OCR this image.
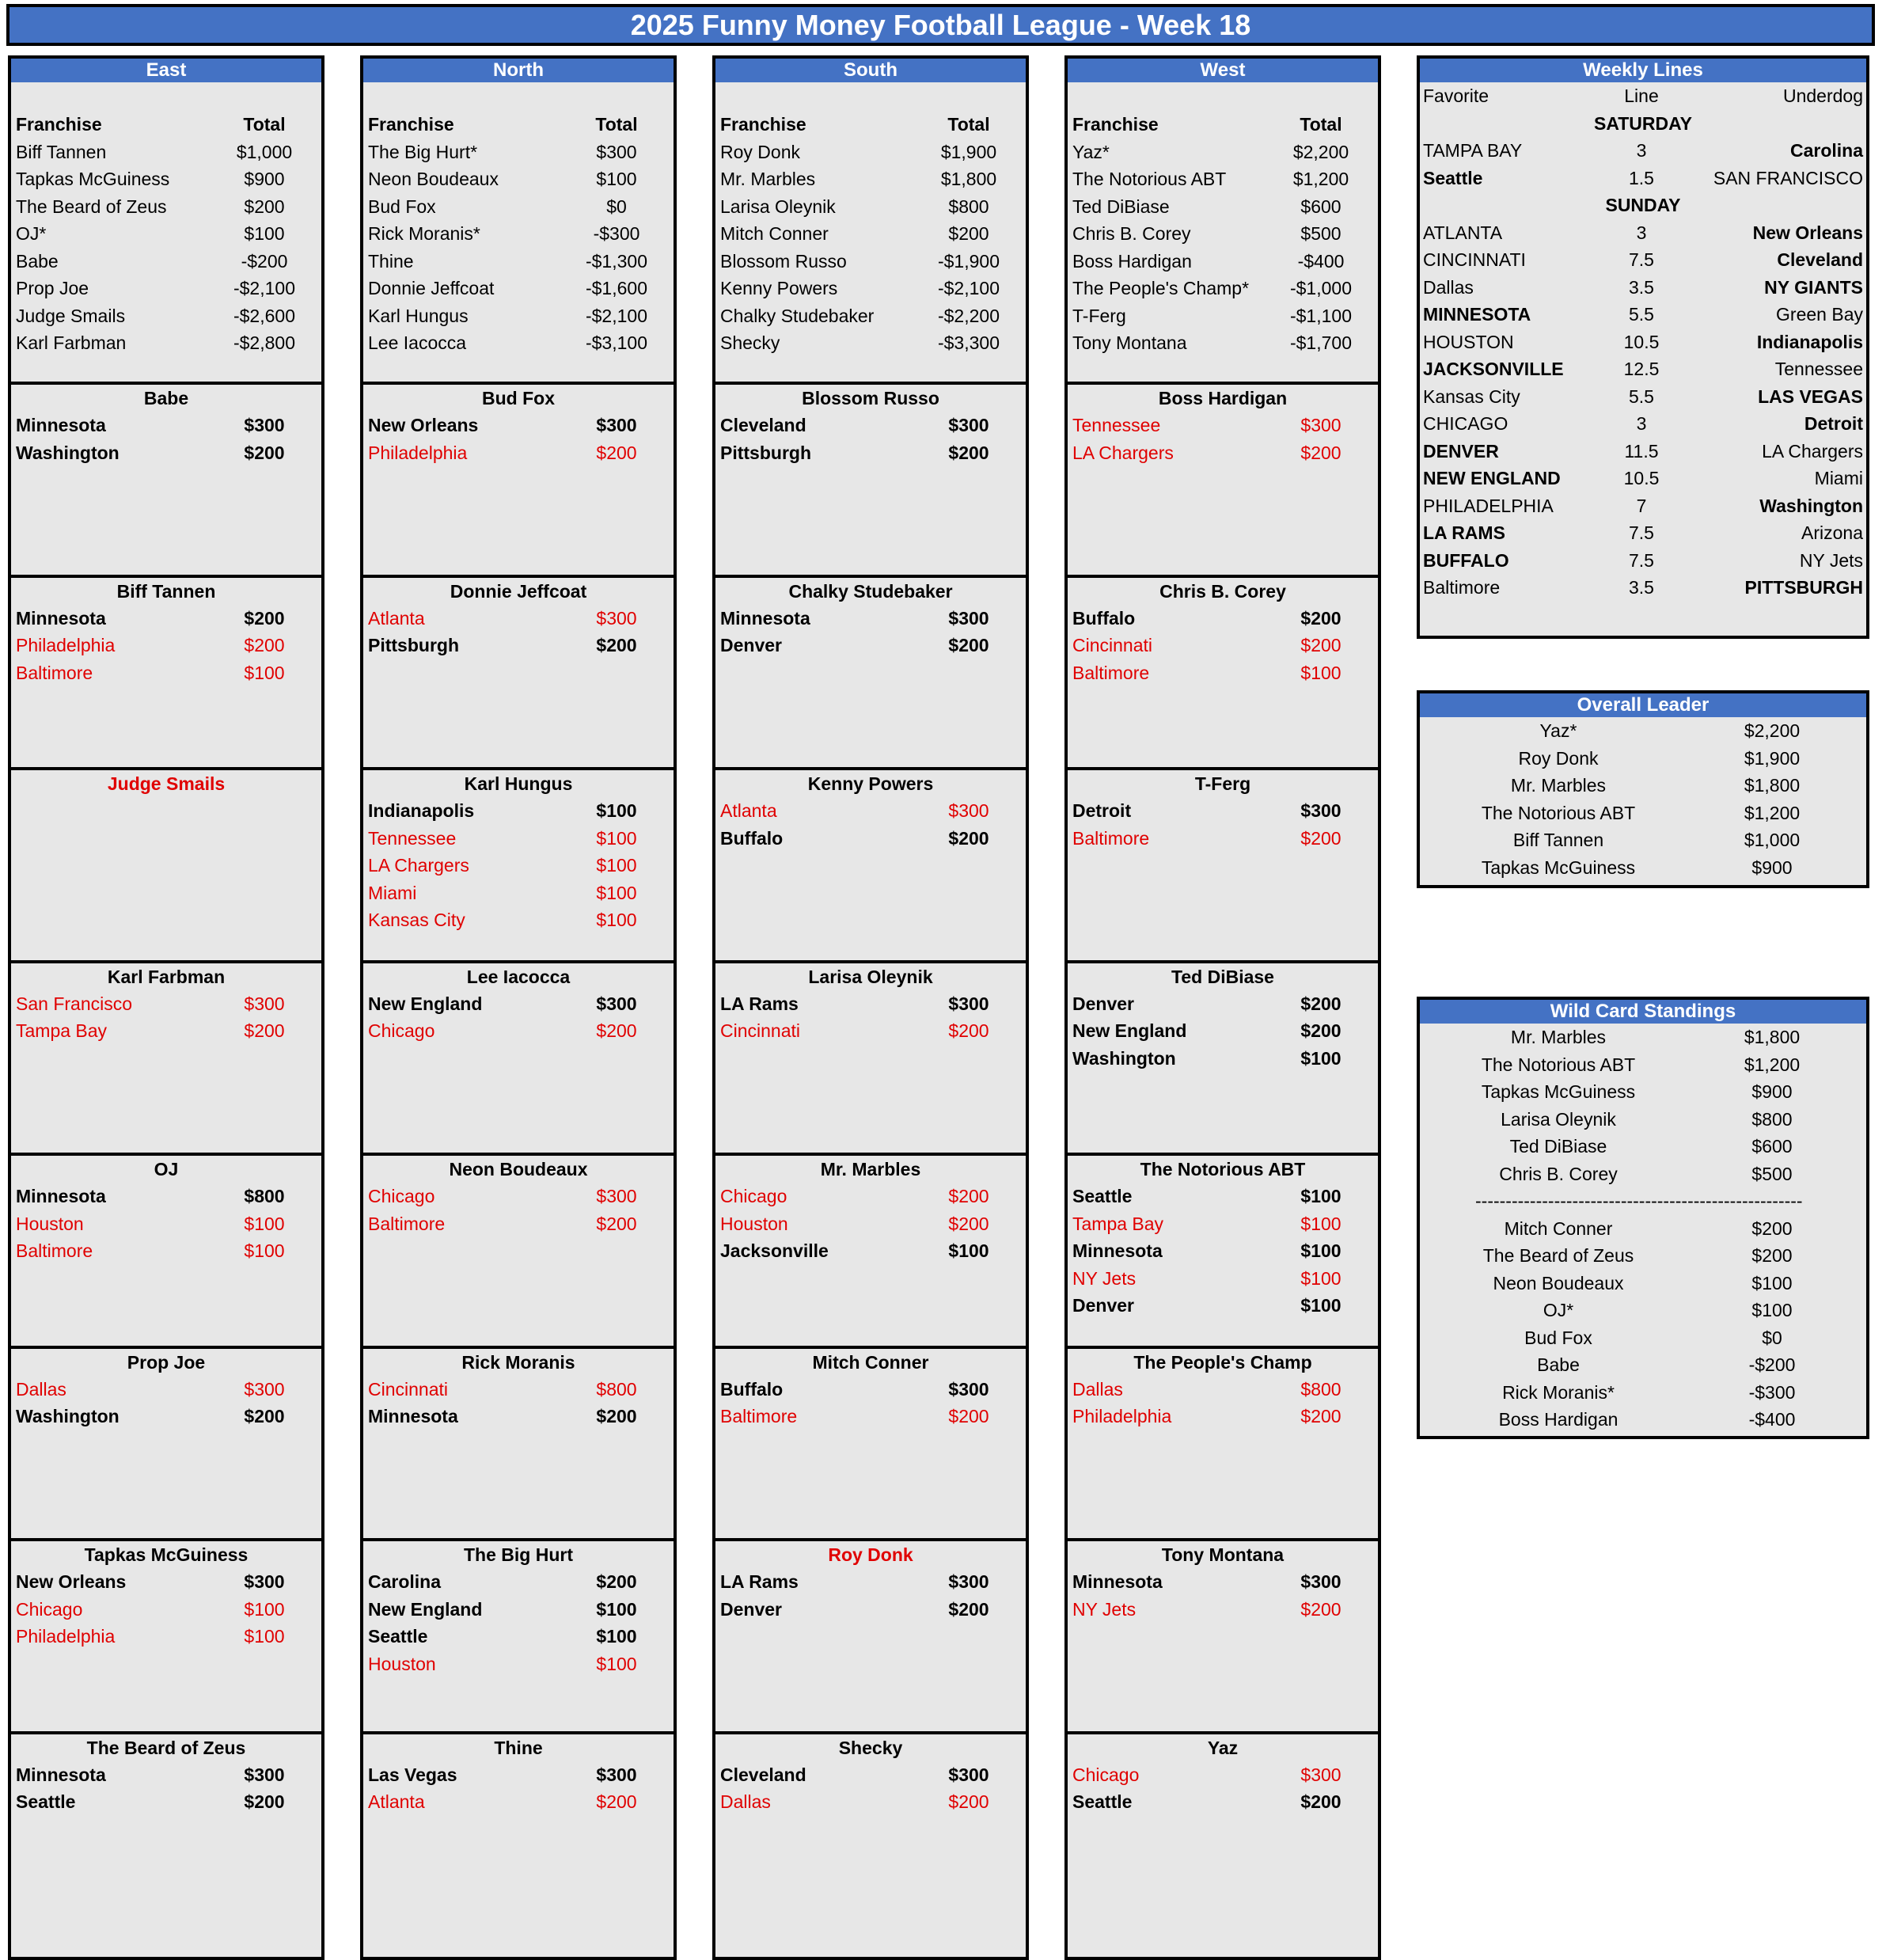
2025 Funny Money Football League - Week 18
East
Franchise	Total
Biff Tannen	$1,000
Tapkas McGuiness	$900
The Beard of Zeus	$200
OJ*	$100
Babe	-$200
Prop Joe	-$2,100
Judge Smails	-$2,600
Karl Farbman	-$2,800
Babe
Minnesota	$300
Washington	$200
Biff Tannen
Minnesota	$200
Philadelphia	$200
Baltimore	$100
Judge Smails
Karl Farbman
San Francisco	$300
Tampa Bay	$200
OJ
Minnesota	$800
Houston	$100
Baltimore	$100
Prop Joe
Dallas	$300
Washington	$200
Tapkas McGuiness
New Orleans	$300
Chicago	$100
Philadelphia	$100
The Beard of Zeus
Minnesota	$300
Seattle	$200
North
Franchise	Total
The Big Hurt*	$300
Neon Boudeaux	$100
Bud Fox	$0
Rick Moranis*	-$300
Thine	-$1,300
Donnie Jeffcoat	-$1,600
Karl Hungus	-$2,100
Lee Iacocca	-$3,100
Bud Fox
New Orleans	$300
Philadelphia	$200
Donnie Jeffcoat
Atlanta	$300
Pittsburgh	$200
Karl Hungus
Indianapolis	$100
Tennessee	$100
LA Chargers	$100
Miami	$100
Kansas City	$100
Lee Iacocca
New England	$300
Chicago	$200
Neon Boudeaux
Chicago	$300
Baltimore	$200
Rick Moranis
Cincinnati	$800
Minnesota	$200
The Big Hurt
Carolina	$200
New England	$100
Seattle	$100
Houston	$100
Thine
Las Vegas	$300
Atlanta	$200
South
Franchise	Total
Roy Donk	$1,900
Mr. Marbles	$1,800
Larisa Oleynik	$800
Mitch Conner	$200
Blossom Russo	-$1,900
Kenny Powers	-$2,100
Chalky Studebaker	-$2,200
Shecky	-$3,300
Blossom Russo
Cleveland	$300
Pittsburgh	$200
Chalky Studebaker
Minnesota	$300
Denver	$200
Kenny Powers
Atlanta	$300
Buffalo	$200
Larisa Oleynik
LA Rams	$300
Cincinnati	$200
Mr. Marbles
Chicago	$200
Houston	$200
Jacksonville	$100
Mitch Conner
Buffalo	$300
Baltimore	$200
Roy Donk
LA Rams	$300
Denver	$200
Shecky
Cleveland	$300
Dallas	$200
West
Franchise	Total
Yaz*	$2,200
The Notorious ABT	$1,200
Ted DiBiase	$600
Chris B. Corey	$500
Boss Hardigan	-$400
The People's Champ*	-$1,000
T-Ferg	-$1,100
Tony Montana	-$1,700
Boss Hardigan
Tennessee	$300
LA Chargers	$200
Chris B. Corey
Buffalo	$200
Cincinnati	$200
Baltimore	$100
T-Ferg
Detroit	$300
Baltimore	$200
Ted DiBiase
Denver	$200
New England	$200
Washington	$100
The Notorious ABT
Seattle	$100
Tampa Bay	$100
Minnesota	$100
NY Jets	$100
Denver	$100
The People's Champ
Dallas	$800
Philadelphia	$200
Tony Montana
Minnesota	$300
NY Jets	$200
Yaz
Chicago	$300
Seattle	$200
Weekly Lines
Favorite	Line	Underdog
SATURDAY
TAMPA BAY	3	Carolina
Seattle	1.5	SAN FRANCISCO
SUNDAY
ATLANTA	3	New Orleans
CINCINNATI	7.5	Cleveland
Dallas	3.5	NY GIANTS
MINNESOTA	5.5	Green Bay
HOUSTON	10.5	Indianapolis
JACKSONVILLE	12.5	Tennessee
Kansas City	5.5	LAS VEGAS
CHICAGO	3	Detroit
DENVER	11.5	LA Chargers
NEW ENGLAND	10.5	Miami
PHILADELPHIA	7	Washington
LA RAMS	7.5	Arizona
BUFFALO	7.5	NY Jets
Baltimore	3.5	PITTSBURGH
Overall Leader
Yaz*	$2,200
Roy Donk	$1,900
Mr. Marbles	$1,800
The Notorious ABT	$1,200
Biff Tannen	$1,000
Tapkas McGuiness	$900
Wild Card Standings
Mr. Marbles	$1,800
The Notorious ABT	$1,200
Tapkas McGuiness	$900
Larisa Oleynik	$800
Ted DiBiase	$600
Chris B. Corey	$500
------------------------------------------------------
Mitch Conner	$200
The Beard of Zeus	$200
Neon Boudeaux	$100
OJ*	$100
Bud Fox	$0
Babe	-$200
Rick Moranis*	-$300
Boss Hardigan	-$400
